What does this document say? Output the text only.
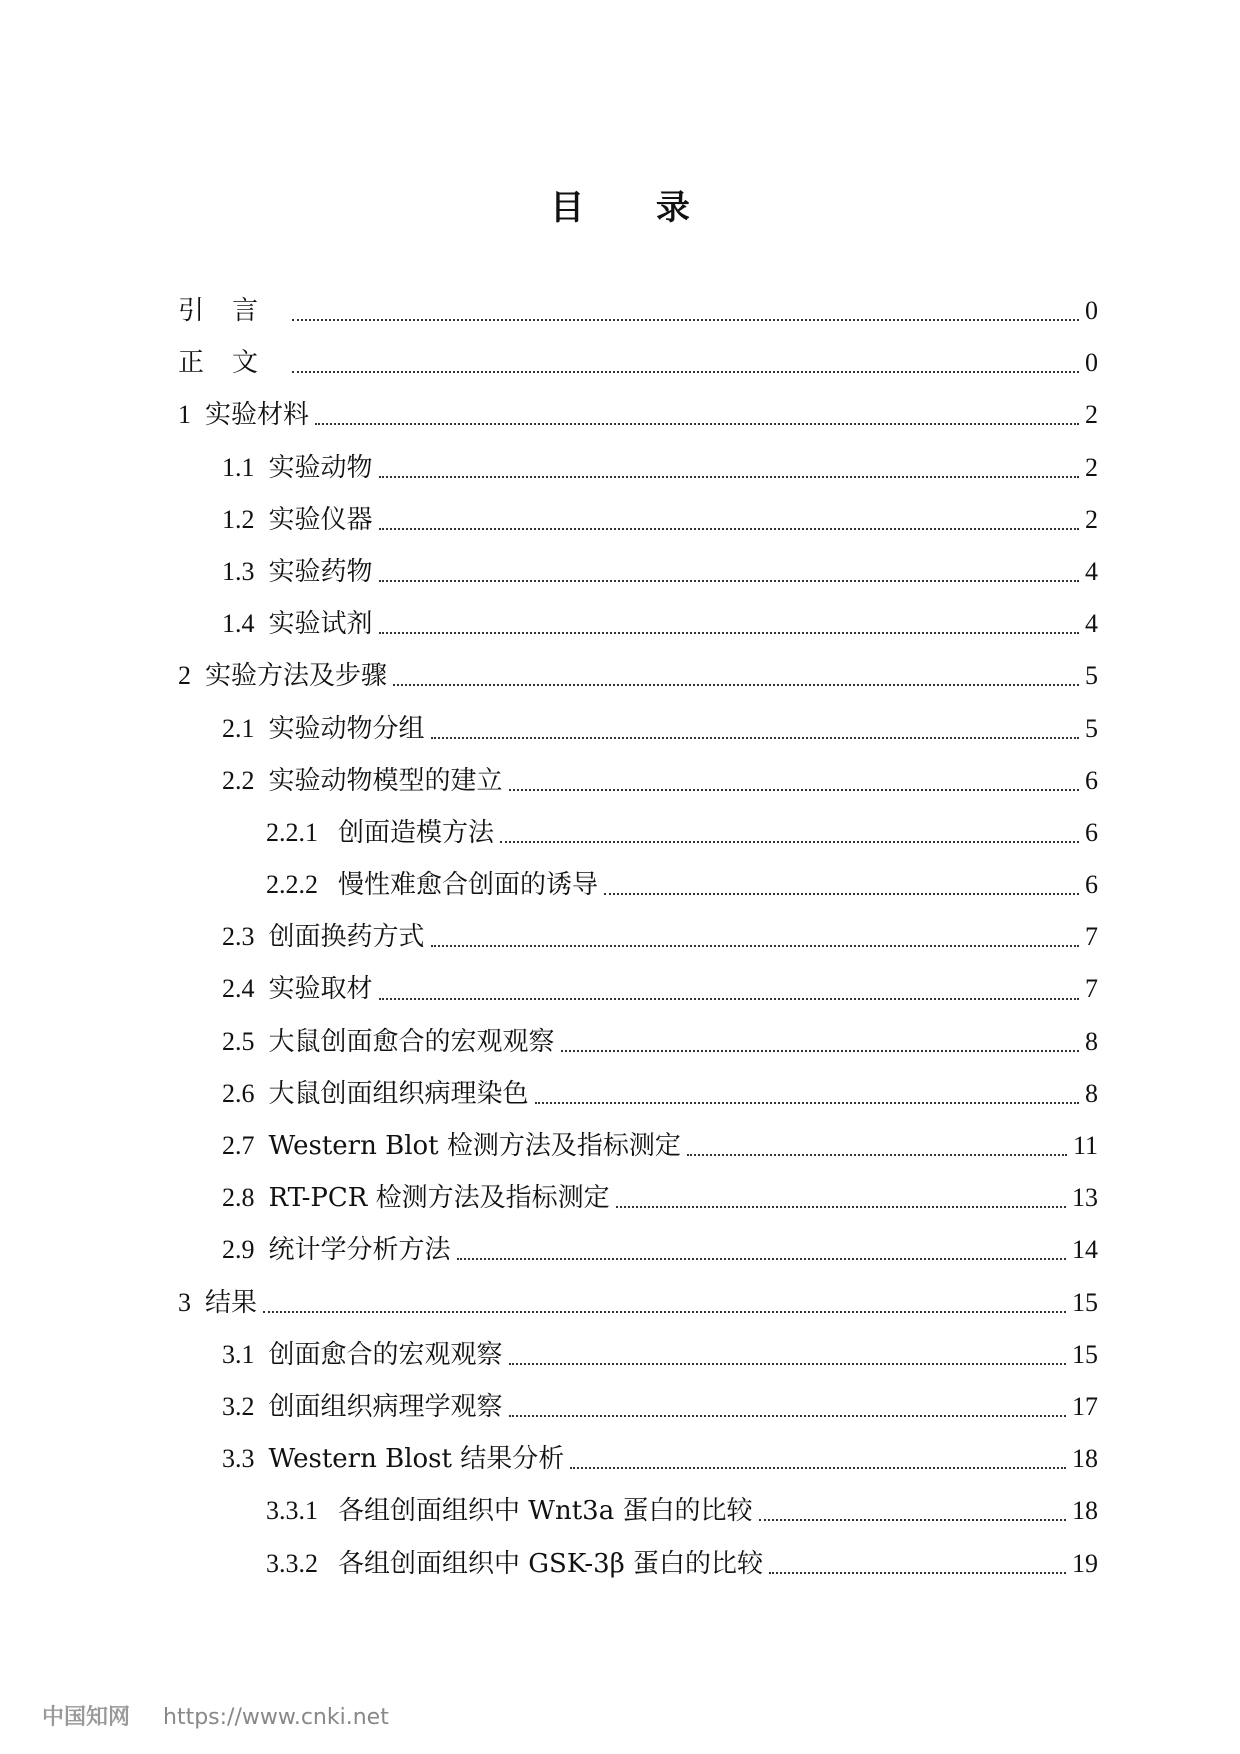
目 录
引言	0
正文	0
1 实验材料	2
1.1 实验动物	2
1.2 实验仪器	2
1.3 实验药物	4
1.4 实验试剂	4
2 实验方法及步骤	5
2.1 实验动物分组	5
2.2 实验动物模型的建立	6
2.2.1 创面造模方法	6
2.2.2 慢性难愈合创面的诱导	6
2.3 创面换药方式	7
2.4 实验取材	7
2.5 大鼠创面愈合的宏观观察	8
2.6 大鼠创面组织病理染色	8
2.7 Western Blot 检测方法及指标测定	11
2.8 RT-PCR 检测方法及指标测定	13
2.9 统计学分析方法	14
3 结果	15
3.1 创面愈合的宏观观察	15
3.2 创面组织病理学观察	17
3.3 Western Blost 结果分析	18
3.3.1 各组创面组织中 Wnt3a 蛋白的比较	18
3.3.2 各组创面组织中 GSK-3β 蛋白的比较	19
中国知网 https://www.cnki.net
